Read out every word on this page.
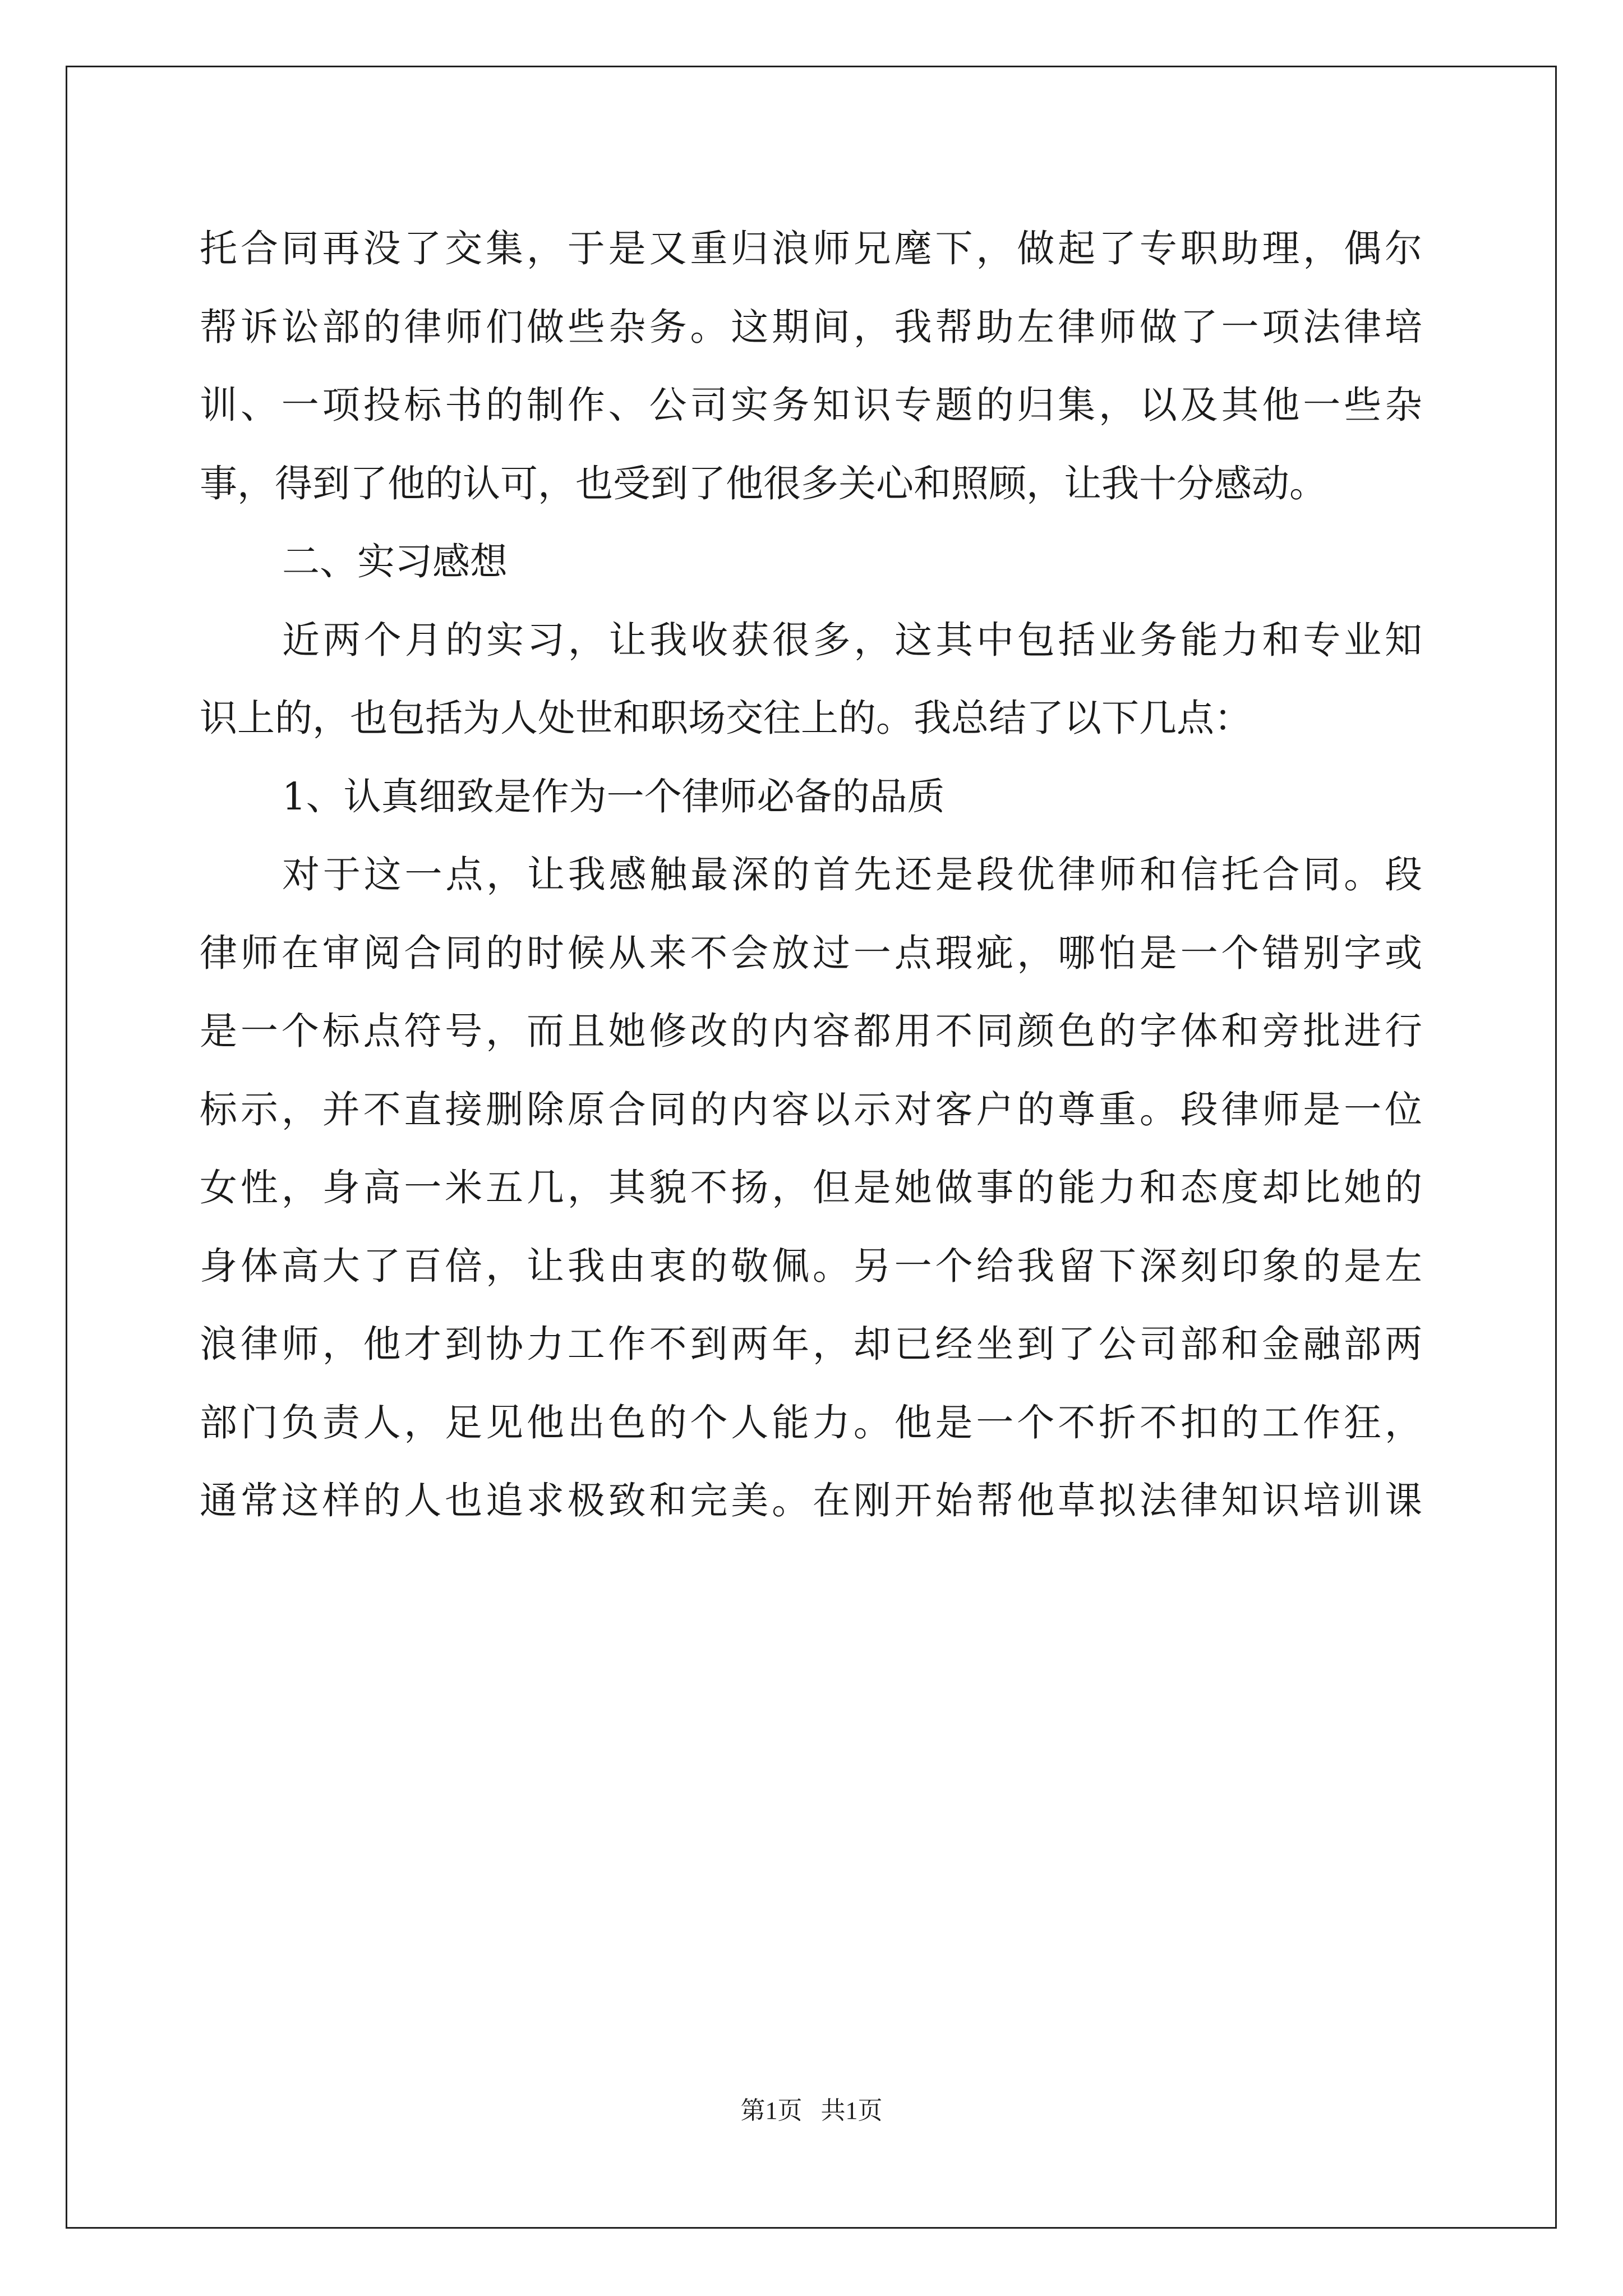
托合同再没了交集，于是又重归浪师兄麾下，做起了专职助理，偶尔
帮诉讼部的律师们做些杂务。这期间，我帮助左律师做了一项法律培
训、一项投标书的制作、公司实务知识专题的归集，以及其他一些杂
事，得到了他的认可，也受到了他很多关心和照顾，让我十分感动。
二、实习感想
近两个月的实习，让我收获很多，这其中包括业务能力和专业知
识上的，也包括为人处世和职场交往上的。我总结了以下几点：
1、认真细致是作为一个律师必备的品质
对于这一点，让我感触最深的首先还是段优律师和信托合同。段
律师在审阅合同的时候从来不会放过一点瑕疵，哪怕是一个错别字或
是一个标点符号，而且她修改的内容都用不同颜色的字体和旁批进行
标示，并不直接删除原合同的内容以示对客户的尊重。段律师是一位
女性，身高一米五几，其貌不扬，但是她做事的能力和态度却比她的
身体高大了百倍，让我由衷的敬佩。另一个给我留下深刻印象的是左
浪律师，他才到协力工作不到两年，却已经坐到了公司部和金融部两
部门负责人，足见他出色的个人能力。他是一个不折不扣的工作狂，
通常这样的人也追求极致和完美。在刚开始帮他草拟法律知识培训课
第1页   共1页
